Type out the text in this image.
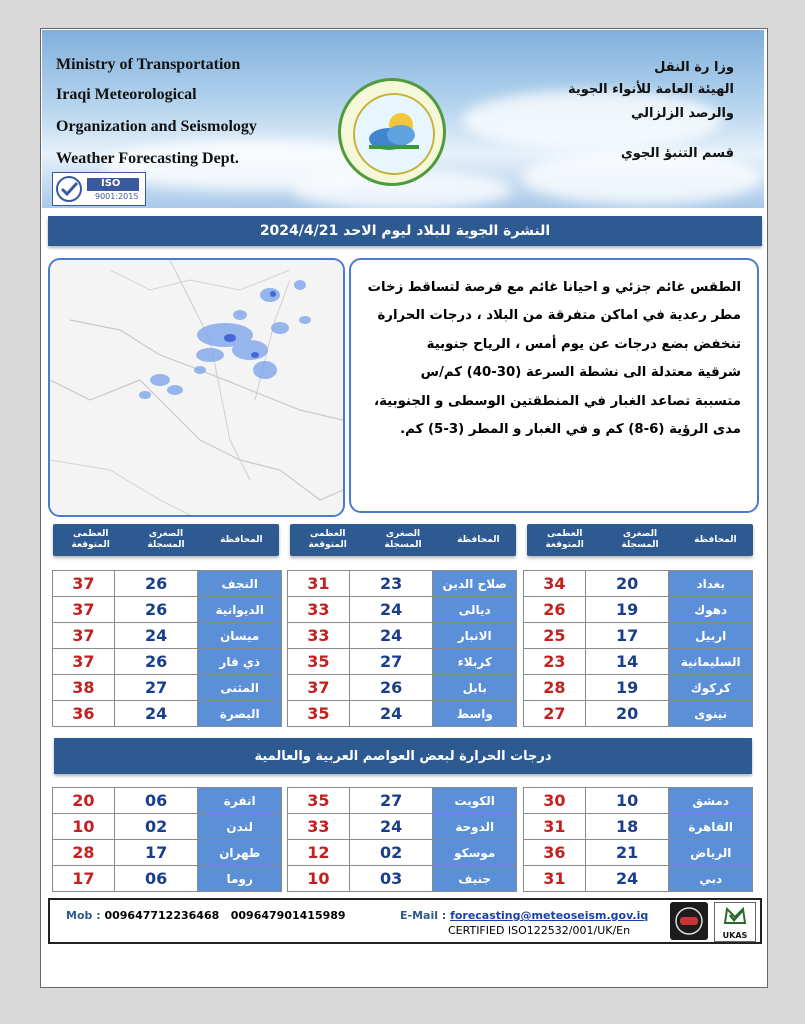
Ministry of Transportation
Iraqi Meteorological
Organization and Seismology
Weather Forecasting Dept.
وزا رة النقل
الهيئة العامة للأنواء الجوية
والرصد الزلزالي
قسم التنبؤ الجوي
ISO
9001:2015
النشرة الجوية للبلاد ليوم الاحد 2024/4/21
الطقس غائم جزئي و احيانا غائم مع فرصة لتساقط زخات
مطر رعدية في اماكن متفرقة من البلاد ، درجات الحرارة
تنخفض بضع درجات عن يوم أمس ، الرياح جنوبية
شرقية معتدلة الى نشطة السرعة (30-40) كم/س
متسببة تصاعد الغبار في المنطقتين الوسطى و الجنوبية،
مدى الرؤية (6-8) كم و في الغبار و المطر (3-5) كم.
المحافظة
الصغرى
المسجلة
العظمى
المتوقعة
المحافظة
الصغرى
المسجلة
العظمى
المتوقعة
المحافظة
الصغرى
المسجلة
العظمى
المتوقعة
34	20	بغداد
26	19	دهوك
25	17	اربيل
23	14	السليمانية
28	19	كركوك
27	20	نينوى
31	23	صلاح الدين
33	24	ديالى
33	24	الانبار
35	27	كربلاء
37	26	بابل
35	24	واسط
37	26	النجف
37	26	الديوانية
37	24	ميسان
37	26	ذي قار
38	27	المثنى
36	24	البصرة
درجات الحرارة لبعض العواصم العربية والعالمية
30	10	دمشق
31	18	القاهرة
36	21	الرياض
31	24	دبي
35	27	الكويت
33	24	الدوحة
12	02	موسكو
10	03	جنيف
20	06	انقرة
10	02	لندن
28	17	طهران
17	06	روما
Mob : 009647712236468   009647901415989	E-Mail : forecasting@meteoseism.gov.iq
CERTIFIED ISO122532/001/UK/En	UKAS
